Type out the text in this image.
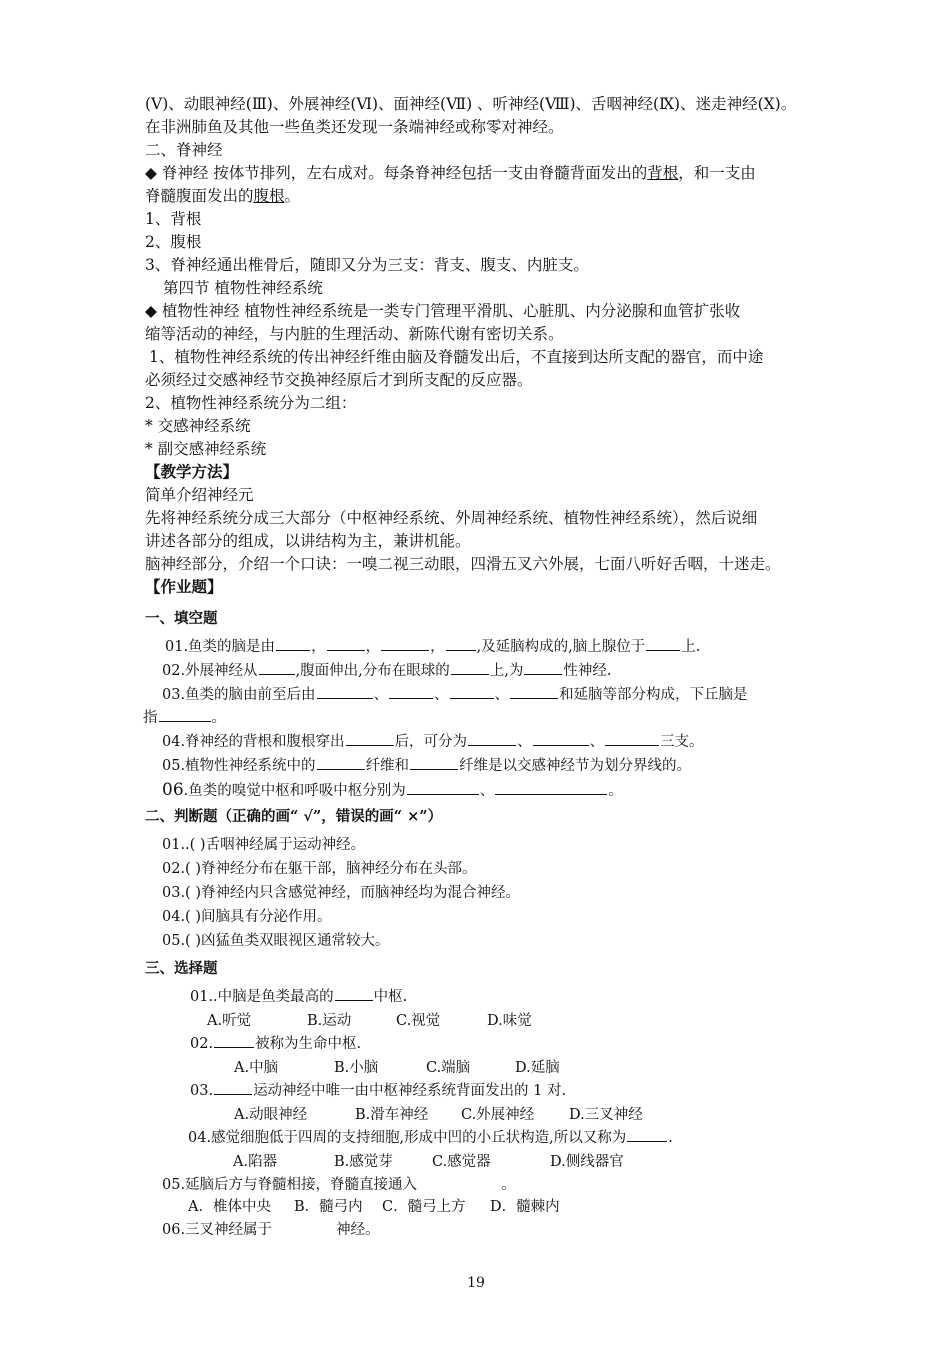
(Ⅴ)、动眼神经(Ⅲ)、外展神经(Ⅵ)、面神经(Ⅶ) 、听神经(Ⅷ)、舌咽神经(Ⅸ)、迷走神经(Ⅹ)。
在非洲肺鱼及其他一些鱼类还发现一条端神经或称零对神经。
二、脊神经
◆ 脊神经 按体节排列，左右成对。每条脊神经包括一支由脊髓背面发出的背根，和一支由
脊髓腹面发出的腹根。
1、背根
2、腹根
3、脊神经通出椎骨后，随即又分为三支：背支、腹支、内脏支。
第四节 植物性神经系统
◆ 植物性神经 植物性神经系统是一类专门管理平滑肌、心脏肌、内分泌腺和血管扩张收
缩等活动的神经，与内脏的生理活动、新陈代谢有密切关系。
1、植物性神经系统的传出神经纤维由脑及脊髓发出后，不直接到达所支配的器官，而中途
必须经过交感神经节交换神经原后才到所支配的反应器。
2、植物性神经系统分为二组：
* 交感神经系统
* 副交感神经系统
【教学方法】
简单介绍神经元
先将神经系统分成三大部分（中枢神经系统、外周神经系统、植物性神经系统），然后说细
讲述各部分的组成，以讲结构为主，兼讲机能。
脑神经部分，介绍一个口诀：一嗅二视三动眼，四滑五叉六外展，七面八听好舌咽，十迷走。
【作业题】
一、填空题
01.鱼类的脑是由 ，	，	， ,及延脑构成的,脑上腺位于 上.
02.外展神经从	,腹面伸出,分布在眼球的	上,为	性神经.
03.鱼类的脑由前至后由	、	、	、	和延脑等部分构成，下丘脑是
指	。
04.脊神经的背根和腹根穿出	后，可分为	、	、	三支。
05.植物性神经系统中的	纤维和	纤维是以交感神经节为划分界线的。
06.鱼类的嗅觉中枢和呼吸中枢分别为	、	。
二、判断题（正确的画“ √”，错误的画“ ×”）
01..( )舌咽神经属于运动神经。
02.( )脊神经分布在躯干部，脑神经分布在头部。
03.( )脊神经内只含感觉神经，而脑神经均为混合神经。
04.( )间脑具有分泌作用。
05.( )凶猛鱼类双眼视区通常较大。
三、选择题
01..中脑是鱼类最高的	中枢.
A.听觉	B.运动	C.视觉	D.味觉
02.	被称为生命中枢.
A.中脑	B.小脑	C.端脑	D.延脑
03.	运动神经中唯一由中枢神经系统背面发出的 1 对.
A.动眼神经	B.滑车神经 C.外展神经 D.三叉神经
04.感觉细胞低于四周的支持细胞,形成中凹的小丘状构造,所以又称为	.
A.陷器	B.感觉芽	C.感觉器	D.侧线器官
05.延脑后方与脊髓相接，脊髓直接通入	。
A．椎体中央 B．髓弓内 C．髓弓上方 D．髓棘内
06.三叉神经属于	神经。
19
